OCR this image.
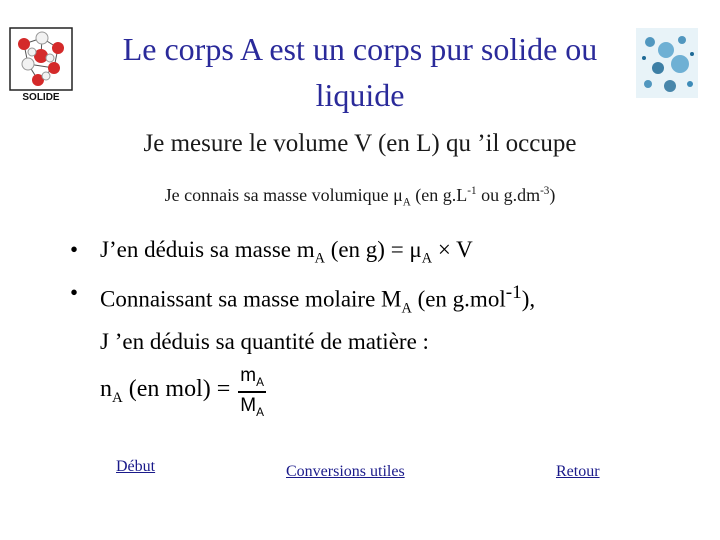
SOLIDE
Le corps A est un corps pur solide ou
liquide
Je mesure le volume V (en L) qu ’il occupe
Je connais sa masse volumique $\mu_A$ (en $g.L^{-1}$ ou $g.dm^{-3}$)
• J’en déduis sa masse $m_A$ (en $g) = \mu_A \times V$
• Connaissant sa masse molaire $M_A$ (en g.mol$^{-1}$),
J ’en déduis sa quantité de matière :
$n_A$ (en $mol) = \frac{m_A}{M_A}$
Début	Conversions utiles	Retour
